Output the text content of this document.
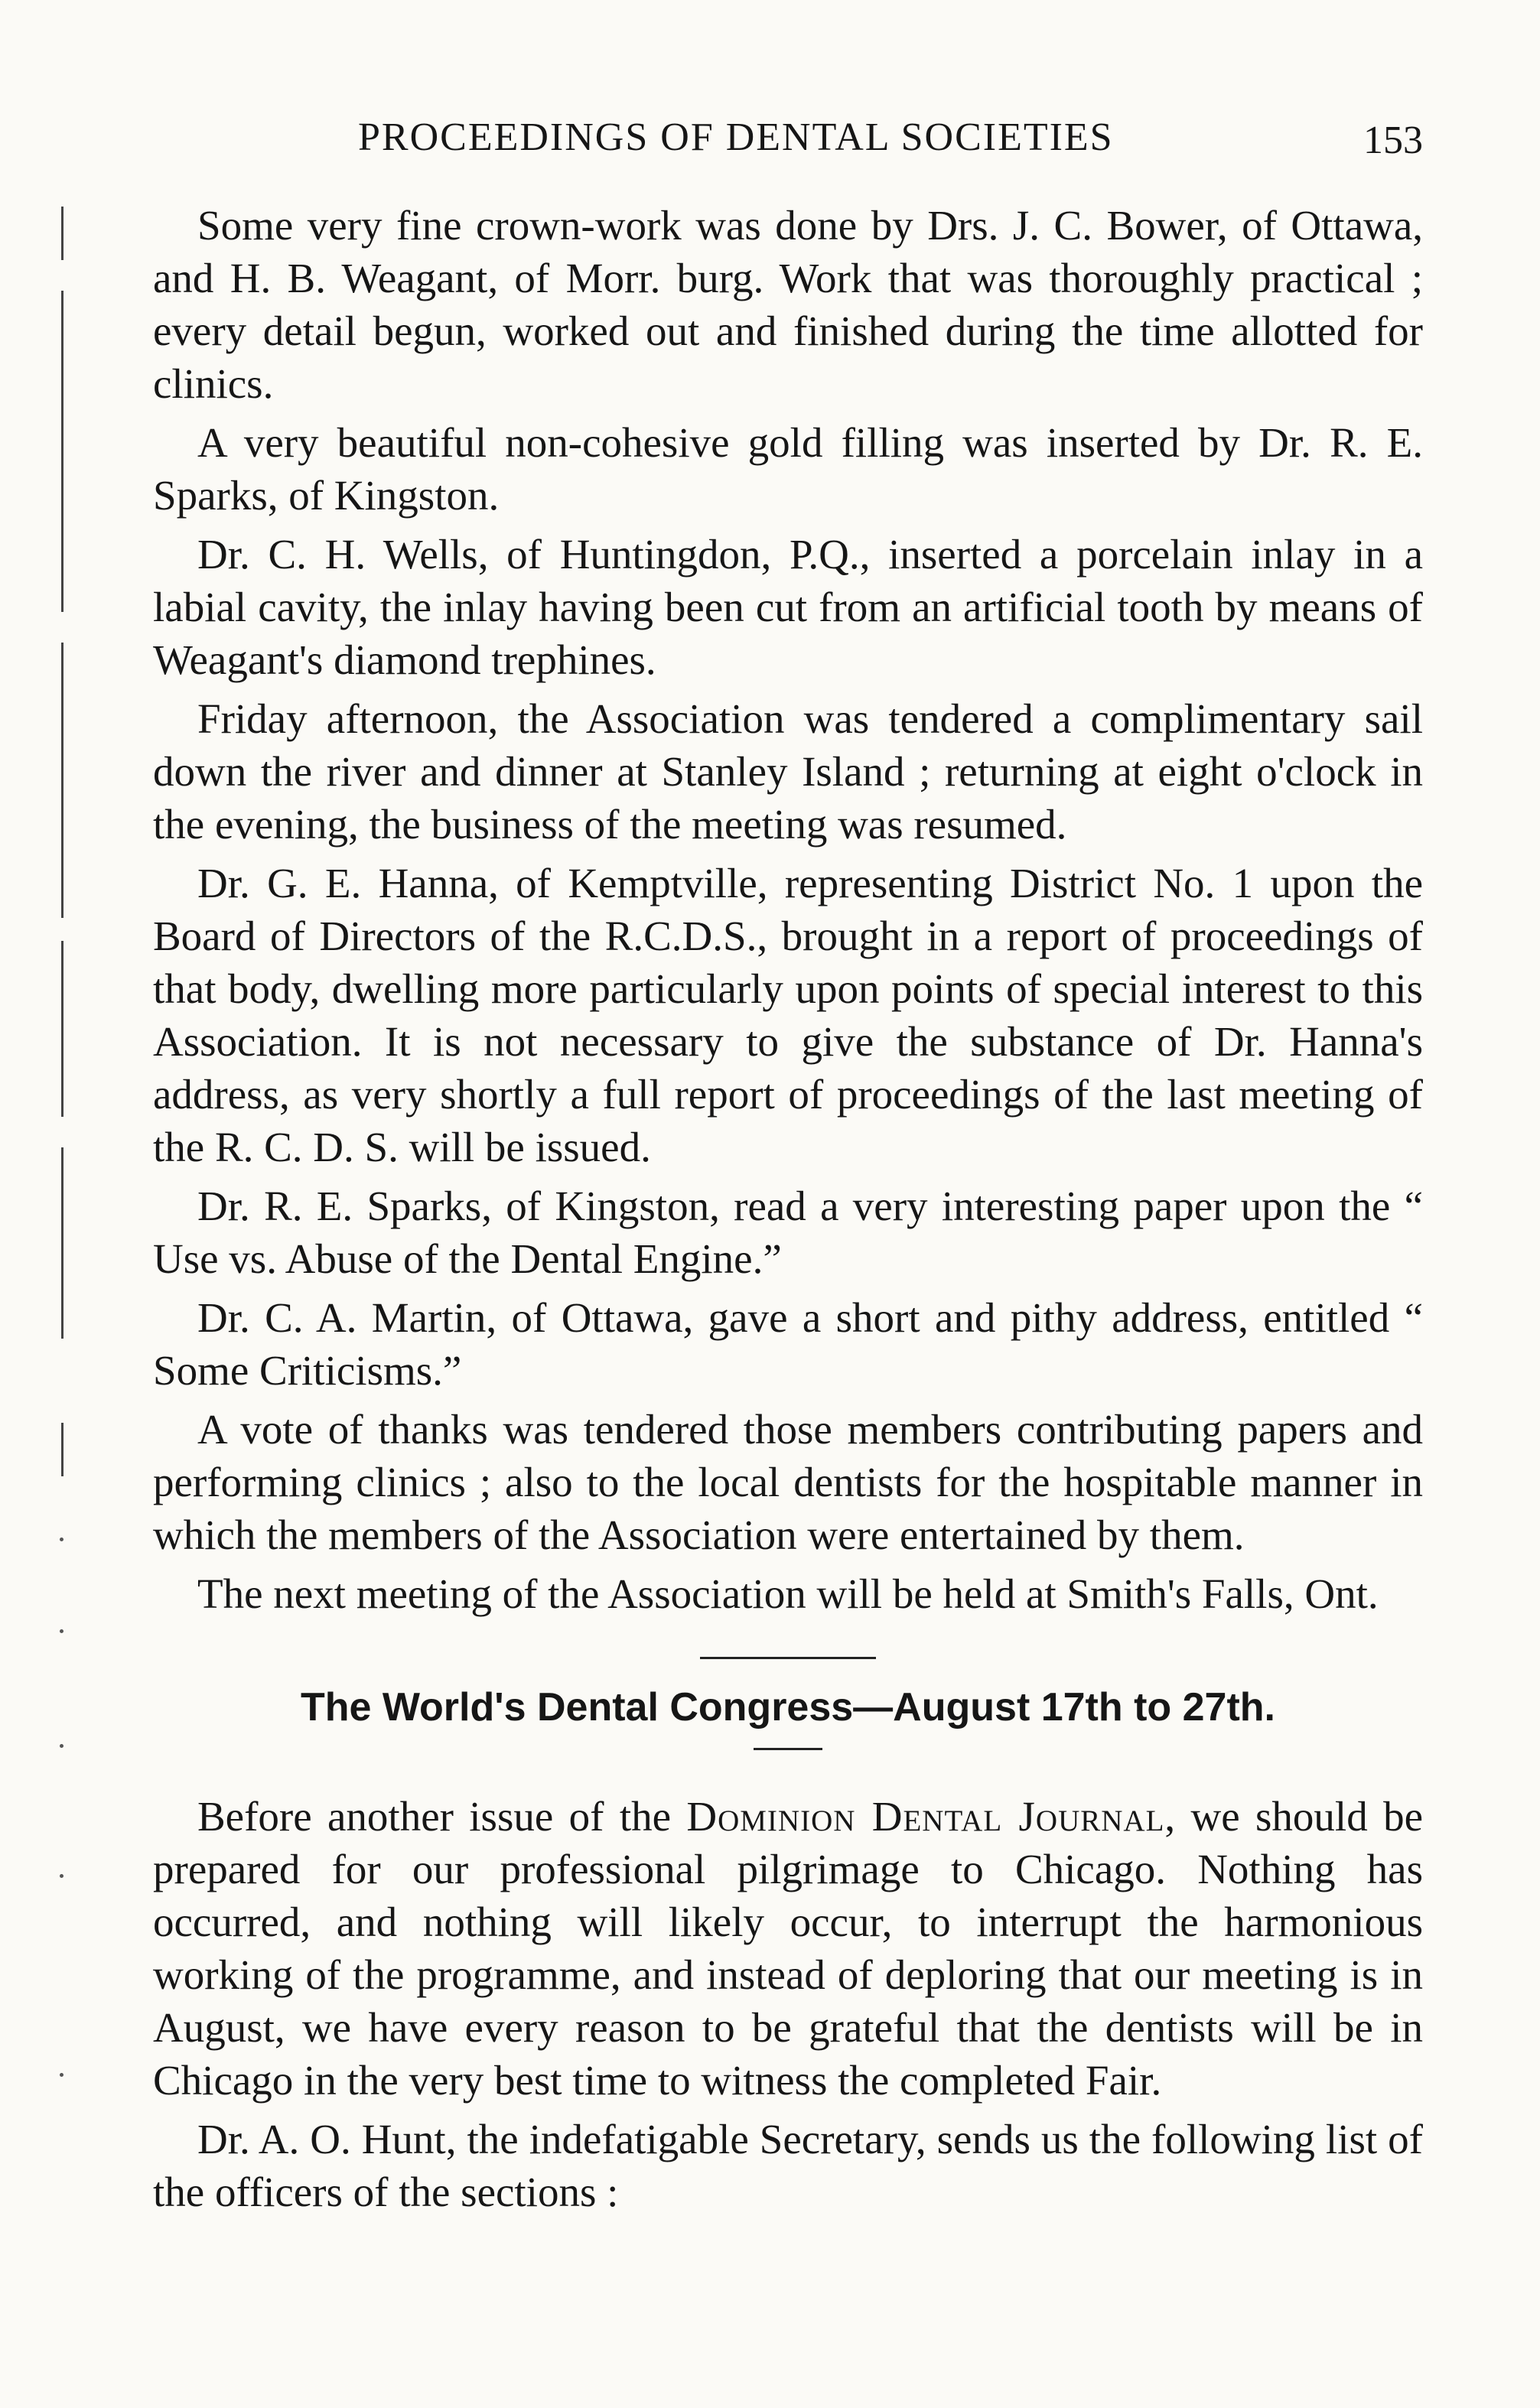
PROCEEDINGS OF DENTAL SOCIETIES	153

Some very fine crown-work was done by Drs. J. C. Bower, of Ottawa, and H. B. Weagant, of Morr. burg. Work that was thoroughly practical ; every detail begun, worked out and finished during the time allotted for clinics.

A very beautiful non-cohesive gold filling was inserted by Dr. R. E. Sparks, of Kingston.

Dr. C. H. Wells, of Huntingdon, P.Q., inserted a porcelain inlay in a labial cavity, the inlay having been cut from an artificial tooth by means of Weagant's diamond trephines.

Friday afternoon, the Association was tendered a complimentary sail down the river and dinner at Stanley Island ; returning at eight o'clock in the evening, the business of the meeting was resumed.

Dr. G. E. Hanna, of Kemptville, representing District No. 1 upon the Board of Directors of the R.C.D.S., brought in a report of proceedings of that body, dwelling more particularly upon points of special interest to this Association. It is not necessary to give the substance of Dr. Hanna's address, as very shortly a full report of proceedings of the last meeting of the R. C. D. S. will be issued.

Dr. R. E. Sparks, of Kingston, read a very interesting paper upon the “ Use vs. Abuse of the Dental Engine.”

Dr. C. A. Martin, of Ottawa, gave a short and pithy address, entitled “ Some Criticisms.”

A vote of thanks was tendered those members contributing papers and performing clinics ; also to the local dentists for the hospitable manner in which the members of the Association were entertained by them.

The next meeting of the Association will be held at Smith's Falls, Ont.

The World's Dental Congress—August 17th to 27th.

Before another issue of the Dominion Dental Journal, we should be prepared for our professional pilgrimage to Chicago. Nothing has occurred, and nothing will likely occur, to interrupt the harmonious working of the programme, and instead of deploring that our meeting is in August, we have every reason to be grateful that the dentists will be in Chicago in the very best time to witness the completed Fair.

Dr. A. O. Hunt, the indefatigable Secretary, sends us the following list of the officers of the sections :
